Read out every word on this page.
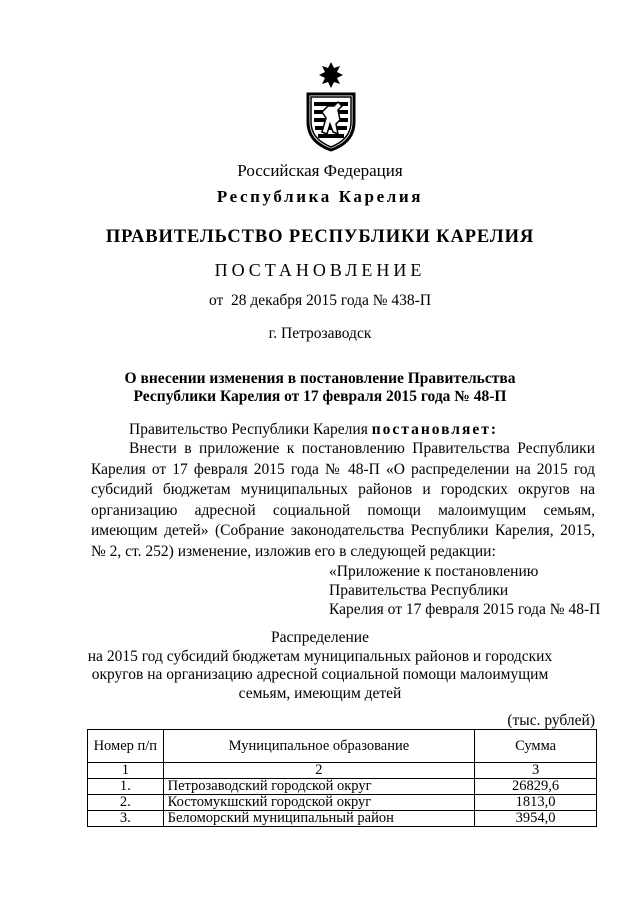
Российская Федерация
Республика Карелия
ПРАВИТЕЛЬСТВО РЕСПУБЛИКИ КАРЕЛИЯ
ПОСТАНОВЛЕНИЕ
от  28 декабря 2015 года № 438-П
г. Петрозаводск
О внесении изменения в постановление Правительства
Республики Карелия от 17 февраля 2015 года № 48-П
Правительство Республики Карелия постановляет:
Внести в приложение к постановлению Правительства Республики Карелия от 17 февраля 2015 года № 48-П «О распределении на 2015 год субсидий бюджетам муниципальных районов и городских округов на организацию адресной социальной помощи малоимущим семьям, имеющим детей» (Собрание законодательства Республики Карелия, 2015, № 2, ст. 252) изменение, изложив его в следующей редакции:
«Приложение к постановлению
Правительства Республики
Карелия от 17 февраля 2015 года № 48-П
Распределение
на 2015 год субсидий бюджетам муниципальных районов и городских
округов на организацию адресной социальной помощи малоимущим
семьям, имеющим детей
(тыс. рублей)
Номер п/п	Муниципальное образование	Сумма
1	2	3
1.	Петрозаводский городской округ	26829,6
2.	Костомукшский городской округ	1813,0
3.	Беломорский муниципальный район	3954,0
